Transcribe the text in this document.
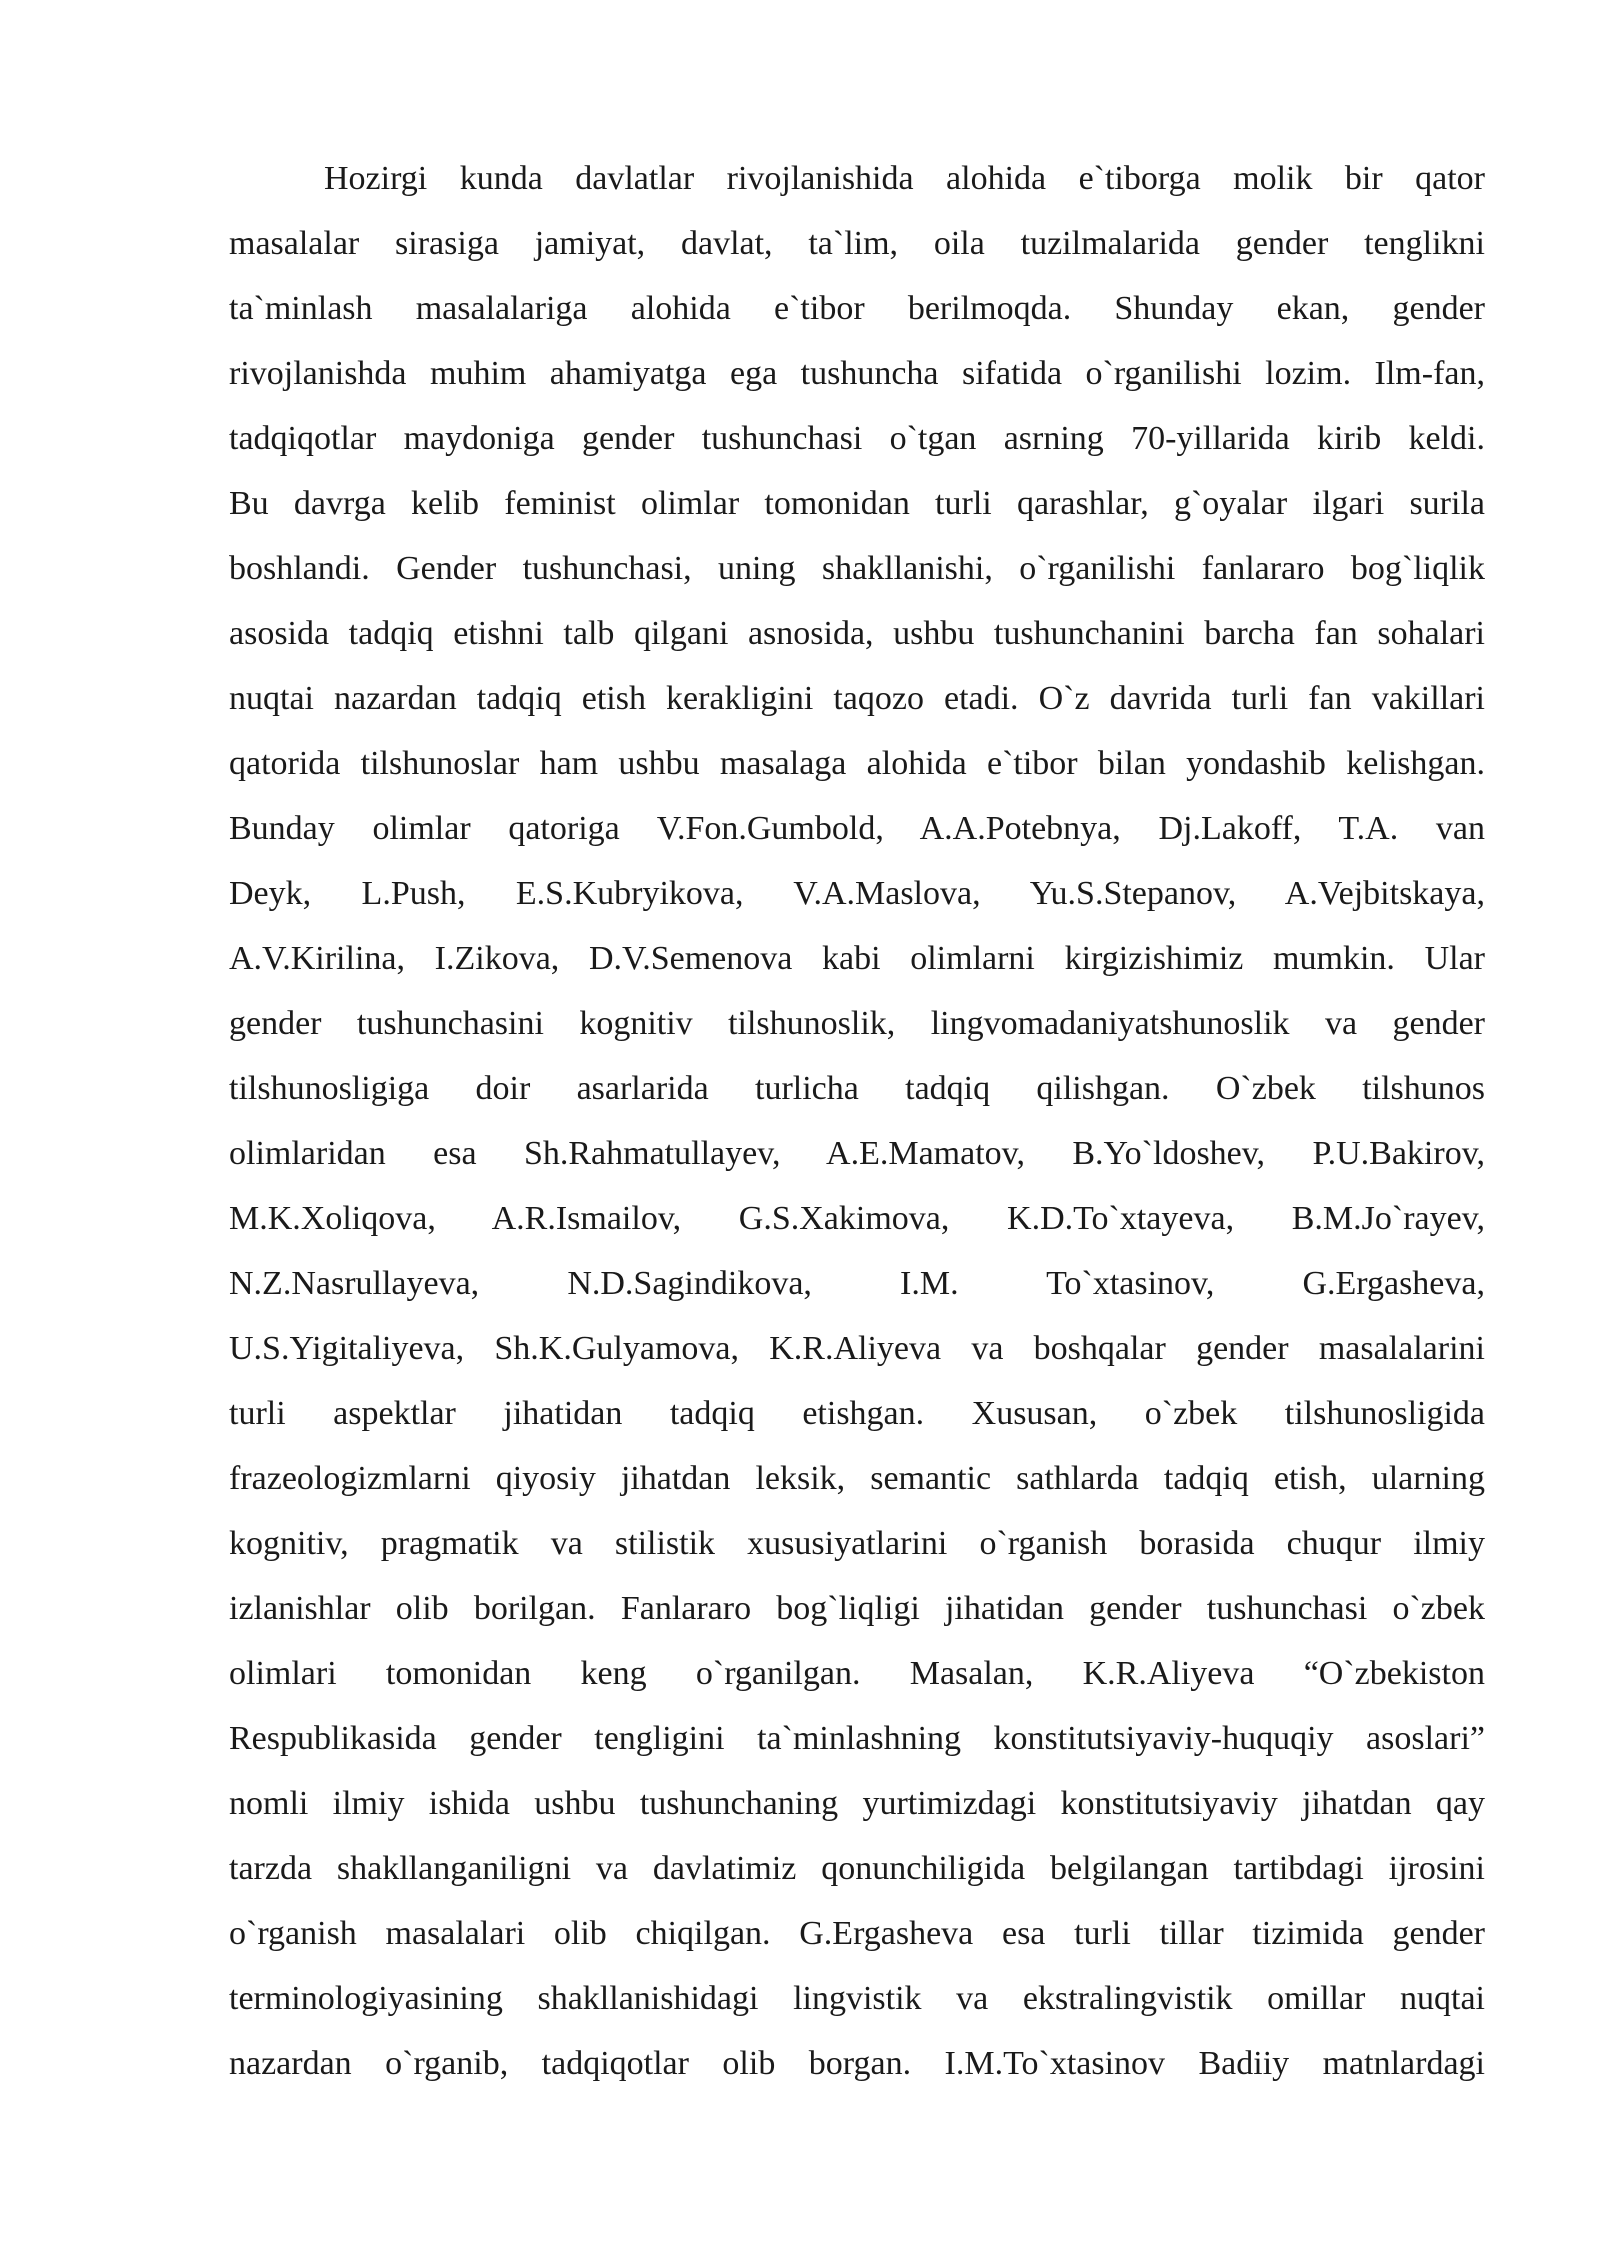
Hozirgi kunda davlatlar rivojlanishida alohida e`tiborga molik bir qator
masalalar sirasiga jamiyat, davlat, ta`lim, oila tuzilmalarida gender tenglikni
ta`minlash masalalariga alohida e`tibor berilmoqda. Shunday ekan, gender
rivojlanishda muhim ahamiyatga ega tushuncha sifatida o`rganilishi lozim. Ilm-fan,
tadqiqotlar maydoniga gender tushunchasi o`tgan asrning 70-yillarida kirib keldi.
Bu davrga kelib feminist olimlar tomonidan turli qarashlar, g`oyalar ilgari surila
boshlandi. Gender tushunchasi, uning shakllanishi, o`rganilishi fanlararo bog`liqlik
asosida tadqiq etishni talb qilgani asnosida, ushbu tushunchanini barcha fan sohalari
nuqtai nazardan tadqiq etish kerakligini taqozo etadi. O`z davrida turli fan vakillari
qatorida tilshunoslar ham ushbu masalaga alohida e`tibor bilan yondashib kelishgan.
Bunday olimlar qatoriga V.Fon.Gumbold, A.A.Potebnya, Dj.Lakoff, T.A. van
Deyk, L.Push, E.S.Kubryikova, V.A.Maslova, Yu.S.Stepanov, A.Vejbitskaya,
A.V.Kirilina, I.Zikova, D.V.Semenova kabi olimlarni kirgizishimiz mumkin. Ular
gender tushunchasini kognitiv tilshunoslik, lingvomadaniyatshunoslik va gender
tilshunosligiga doir asarlarida turlicha tadqiq qilishgan. O`zbek tilshunos
olimlaridan esa Sh.Rahmatullayev, A.E.Mamatov, B.Yo`ldoshev, P.U.Bakirov,
M.K.Xoliqova, A.R.Ismailov, G.S.Xakimova, K.D.To`xtayeva, B.M.Jo`rayev,
N.Z.Nasrullayeva, N.D.Sagindikova, I.M. To`xtasinov, G.Ergasheva,
U.S.Yigitaliyeva, Sh.K.Gulyamova, K.R.Aliyeva va boshqalar gender masalalarini
turli aspektlar jihatidan tadqiq etishgan. Xususan, o`zbek tilshunosligida
frazeologizmlarni qiyosiy jihatdan leksik, semantic sathlarda tadqiq etish, ularning
kognitiv, pragmatik va stilistik xususiyatlarini o`rganish borasida chuqur ilmiy
izlanishlar olib borilgan. Fanlararo bog`liqligi jihatidan gender tushunchasi o`zbek
olimlari tomonidan keng o`rganilgan. Masalan, K.R.Aliyeva “O`zbekiston
Respublikasida gender tengligini ta`minlashning konstitutsiyaviy-huquqiy asoslari”
nomli ilmiy ishida ushbu tushunchaning yurtimizdagi konstitutsiyaviy jihatdan qay
tarzda shakllanganiligni va davlatimiz qonunchiligida belgilangan tartibdagi ijrosini
o`rganish masalalari olib chiqilgan. G.Ergasheva esa turli tillar tizimida gender
terminologiyasining shakllanishidagi lingvistik va ekstralingvistik omillar nuqtai
nazardan o`rganib, tadqiqotlar olib borgan. I.M.To`xtasinov Badiiy matnlardagi
